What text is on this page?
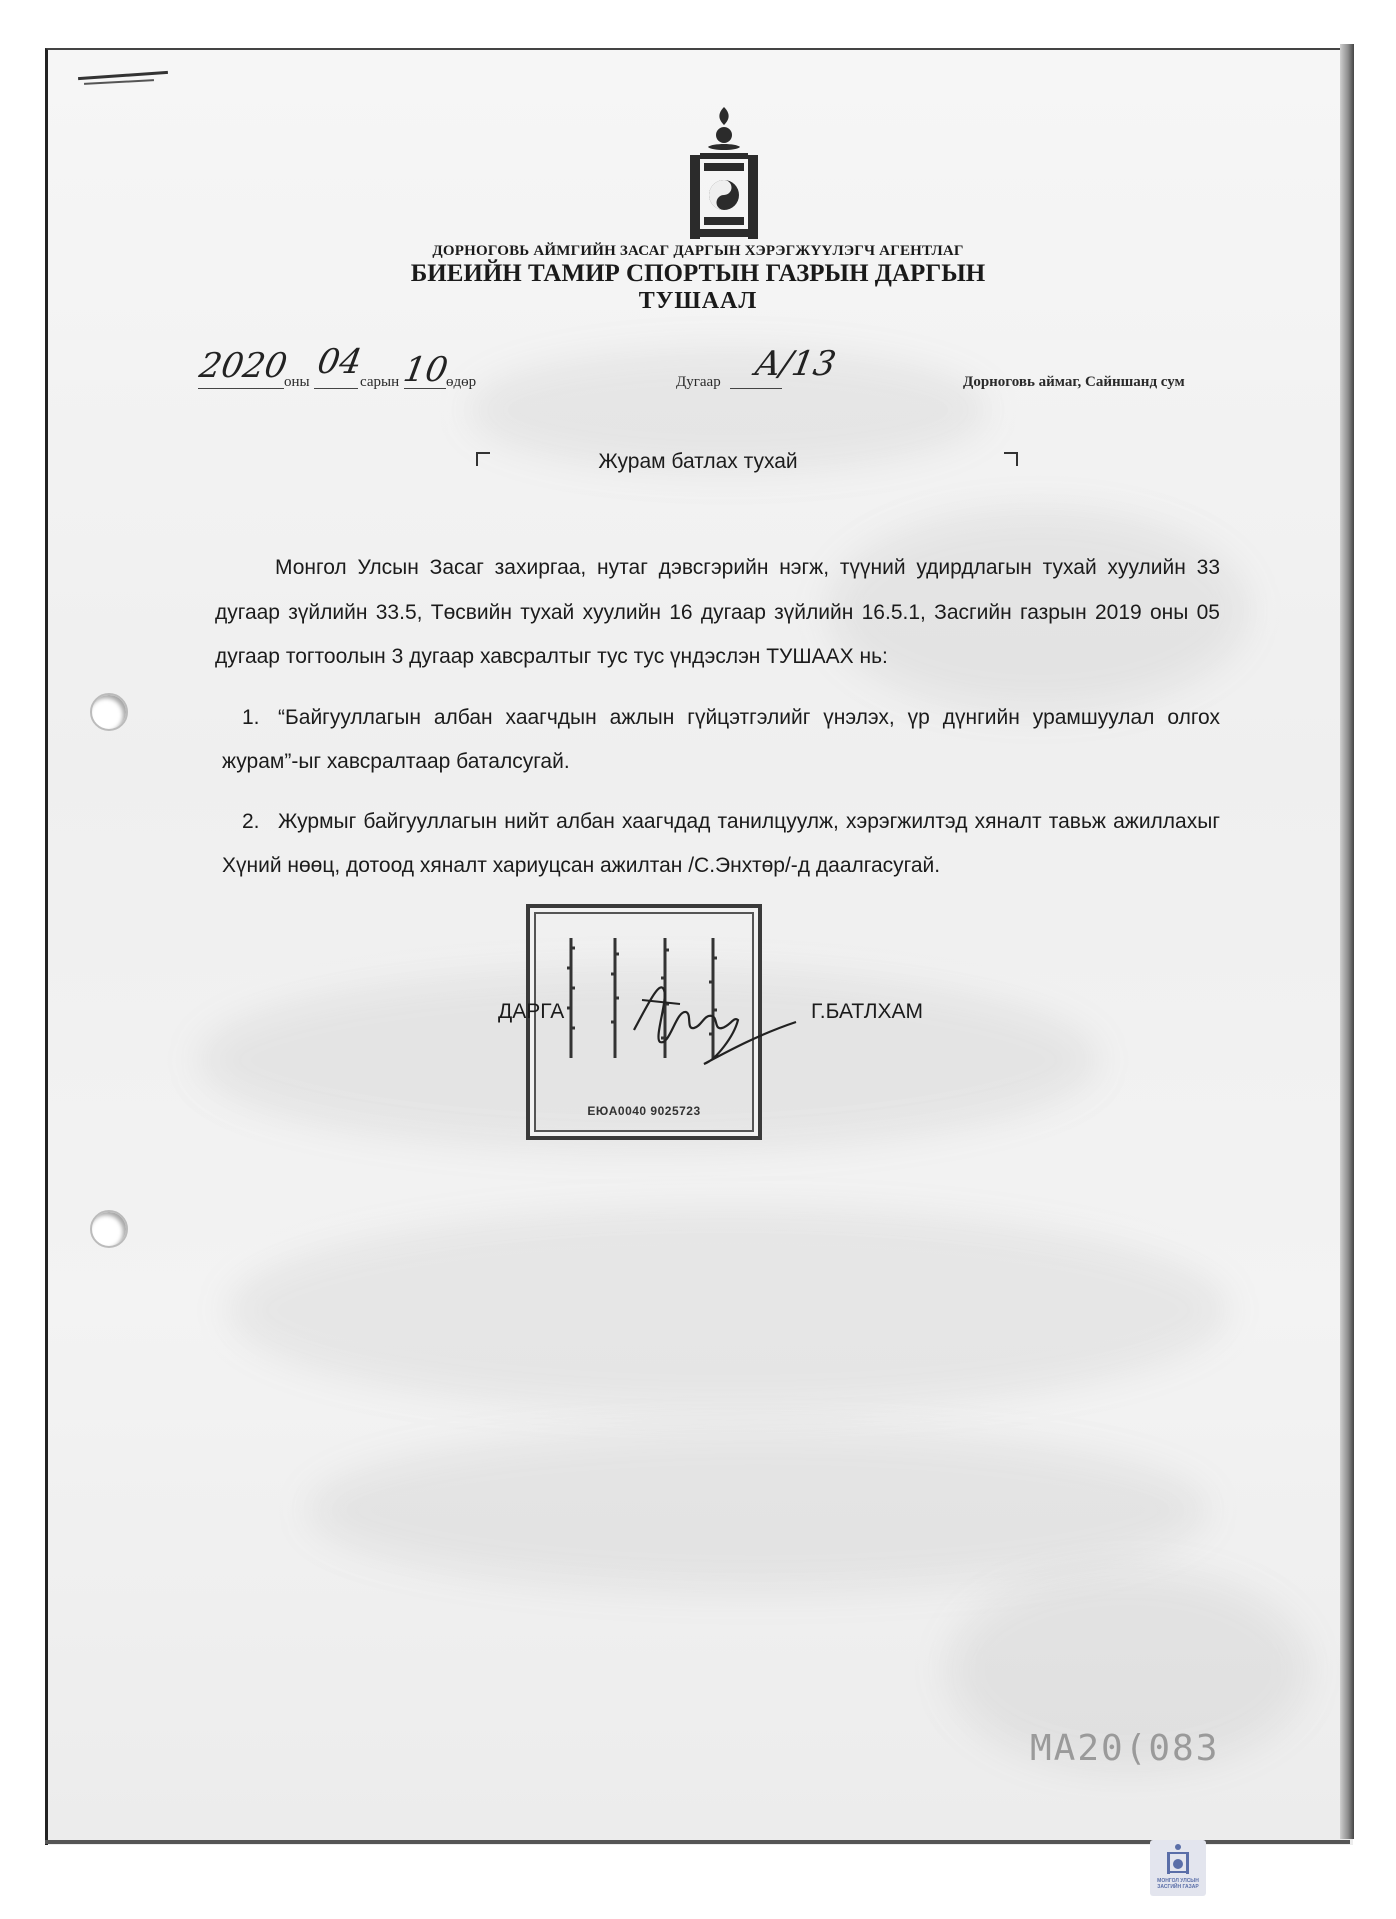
ДОРНОГОВЬ АЙМГИЙН ЗАСАГ ДАРГЫН ХЭРЭГЖҮҮЛЭГЧ АГЕНТЛАГ
БИЕИЙН ТАМИР СПОРТЫН ГАЗРЫН ДАРГЫН
ТУШААЛ
2020
оны 04
сарын 10
өдөр	Дугаар A/13	Дорноговь аймаг, Сайншанд сум
Журам батлах тухай
Монгол Улсын Засаг захиргаа, нутаг дэвсгэрийн нэгж, түүний удирдлагын тухай хуулийн 33 дугаар зүйлийн 33.5, Төсвийн тухай хуулийн 16 дугаар зүйлийн 16.5.1, Засгийн газрын 2019 оны 05 дугаар тогтоолын 3 дугаар хавсралтыг тус тус үндэслэн ТУШААХ нь:
1. “Байгууллагын албан хаагчдын ажлын гүйцэтгэлийг үнэлэх, үр дүнгийн урамшуулал олгох журам”-ыг хавсралтаар баталсугай.
2. Журмыг байгууллагын нийт албан хаагчдад танилцуулж, хэрэгжилтэд хяналт тавьж ажиллахыг Хүний нөөц, дотоод хяналт хариуцсан ажилтан /С.Энхтөр/-д даалгасугай.
EЮA0040 9025723
ДАРГА	Г.БАТЛХАМ
МА20(083
МОНГОЛ УЛСЫН
ЗАСГИЙН ГАЗАР
